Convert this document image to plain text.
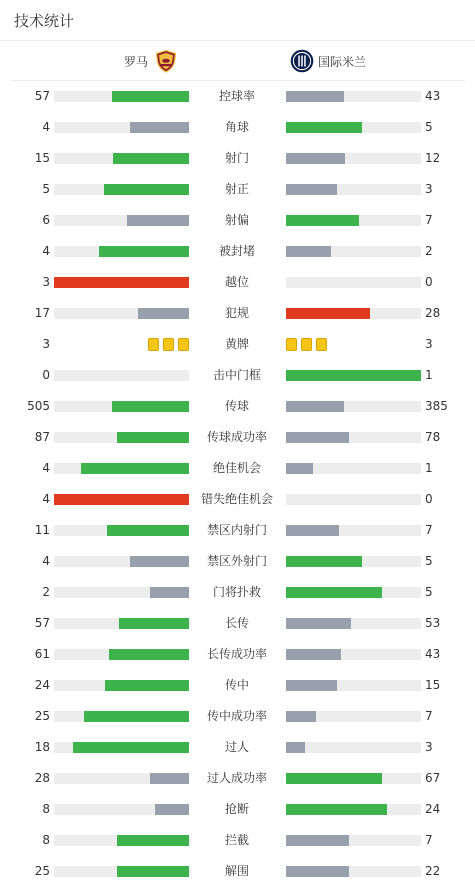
技术统计
罗马	国际米兰
57	控球率	43
4	角球	5
15	射门	12
5	射正	3
6	射偏	7
4	被封堵	2
3	越位	0
17	犯规	28
3	黄牌	3
0	击中门框	1
505	传球	385
87	传球成功率	78
4	绝佳机会	1
4	错失绝佳机会	0
11	禁区内射门	7
4	禁区外射门	5
2	门将扑救	5
57	长传	53
61	长传成功率	43
24	传中	15
25	传中成功率	7
18	过人	3
28	过人成功率	67
8	抢断	24
8	拦截	7
25	解围	22
